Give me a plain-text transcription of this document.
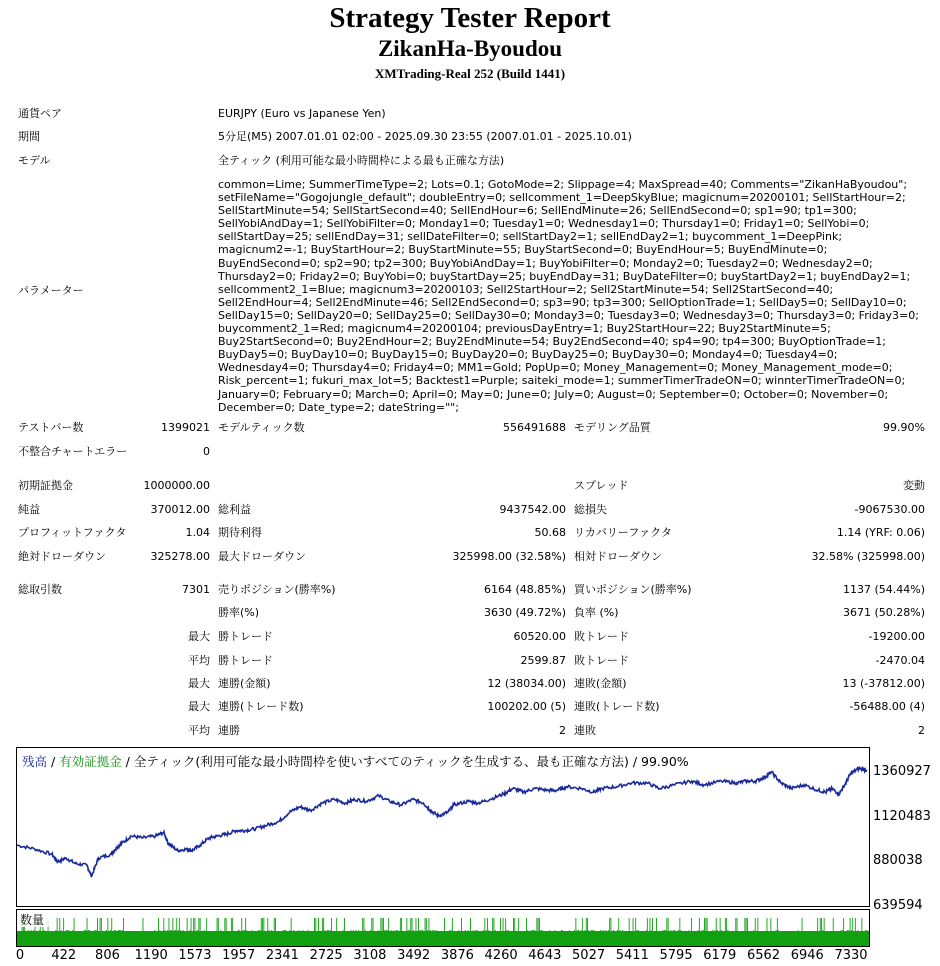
Strategy Tester Report
ZikanHa-Byoudou
XMTrading-Real 252 (Build 1441)
通貨ペア	EURJPY (Euro vs Japanese Yen)
期間	5分足(M5) 2007.01.01 02:00 - 2025.09.30 23:55 (2007.01.01 - 2025.10.01)
モデル	全ティック (利用可能な最小時間枠による最も正確な方法)
パラメーター
common=Lime; SummerTimeType=2; Lots=0.1; GotoMode=2; Slippage=4; MaxSpread=40; Comments="ZikanHaByoudou"; setFileName="Gogojungle_default"; doubleEntry=0; sellcomment_1=DeepSkyBlue; magicnum=20200101; SellStartHour=2; SellStartMinute=54; SellStartSecond=40; SellEndHour=6; SellEndMinute=26; SellEndSecond=0; sp1=90; tp1=300; SellYobiAndDay=1; SellYobiFilter=0; Monday1=0; Tuesday1=0; Wednesday1=0; Thursday1=0; Friday1=0; SellYobi=0; sellStartDay=25; sellEndDay=31; sellDateFilter=0; sellStartDay2=1; sellEndDay2=1; buycomment_1=DeepPink; magicnum2=-1; BuyStartHour=2; BuyStartMinute=55; BuyStartSecond=0; BuyEndHour=5; BuyEndMinute=0; BuyEndSecond=0; sp2=90; tp2=300; BuyYobiAndDay=1; BuyYobiFilter=0; Monday2=0; Tuesday2=0; Wednesday2=0; Thursday2=0; Friday2=0; BuyYobi=0; buyStartDay=25; buyEndDay=31; BuyDateFilter=0; buyStartDay2=1; buyEndDay2=1; sellcomment2_1=Blue; magicnum3=20200103; Sell2StartHour=2; Sell2StartMinute=54; Sell2StartSecond=40; Sell2EndHour=4; Sell2EndMinute=46; Sell2EndSecond=0; sp3=90; tp3=300; SellOptionTrade=1; SellDay5=0; SellDay10=0; SellDay15=0; SellDay20=0; SellDay25=0; SellDay30=0; Monday3=0; Tuesday3=0; Wednesday3=0; Thursday3=0; Friday3=0; buycomment2_1=Red; magicnum4=20200104; previousDayEntry=1; Buy2StartHour=22; Buy2StartMinute=5; Buy2StartSecond=0; Buy2EndHour=2; Buy2EndMinute=54; Buy2EndSecond=40; sp4=90; tp4=300; BuyOptionTrade=1; BuyDay5=0; BuyDay10=0; BuyDay15=0; BuyDay20=0; BuyDay25=0; BuyDay30=0; Monday4=0; Tuesday4=0; Wednesday4=0; Thursday4=0; Friday4=0; MM1=Gold; PopUp=0; Money_Management=0; Money_Management_mode=0; Risk_percent=1; fukuri_max_lot=5; Backtest1=Purple; saiteki_mode=1; summerTimerTradeON=0; winnterTimerTradeON=0; January=0; February=0; March=0; April=0; May=0; June=0; July=0; August=0; September=0; October=0; November=0; December=0; Date_type=2; dateString="";
テストバー数	1399021 モデルティック数	556491688 モデリング品質	99.90%
不整合チャートエラー	0
初期証拠金	1000000.00	スプレッド	変動
純益	370012.00 総利益	9437542.00 総損失	-9067530.00
プロフィットファクタ	1.04 期待利得	50.68 リカバリーファクタ	1.14 (YRF: 0.06)
絶対ドローダウン	325278.00 最大ドローダウン	325998.00 (32.58%) 相対ドローダウン	32.58% (325998.00)
総取引数	7301 売りポジション(勝率%)	6164 (48.85%) 買いポジション(勝率%)	1137 (54.44%)
勝率(%)	3630 (49.72%) 負率 (%)	3671 (50.28%)
最大 勝トレード	60520.00 敗トレード	-19200.00
平均 勝トレード	2599.87 敗トレード	-2470.04
最大 連勝(金額)	12 (38034.00) 連敗(金額)	13 (-37812.00)
最大 連勝(トレード数)	100202.00 (5) 連敗(トレード数)	-56488.00 (4)
平均 連勝	2 連敗	2
残高 / 有効証拠金 / 全ティック(利用可能な最小時間枠を使いすべてのティックを生成する、最も正確な方法) / 99.90%
数量
1360927
1120483
880038
639594
0 422 806 1190 1573 1957 2341 2725 3108 3492 3876 4260 4643 5027 5411 5795 6179 6562 6946 7330
